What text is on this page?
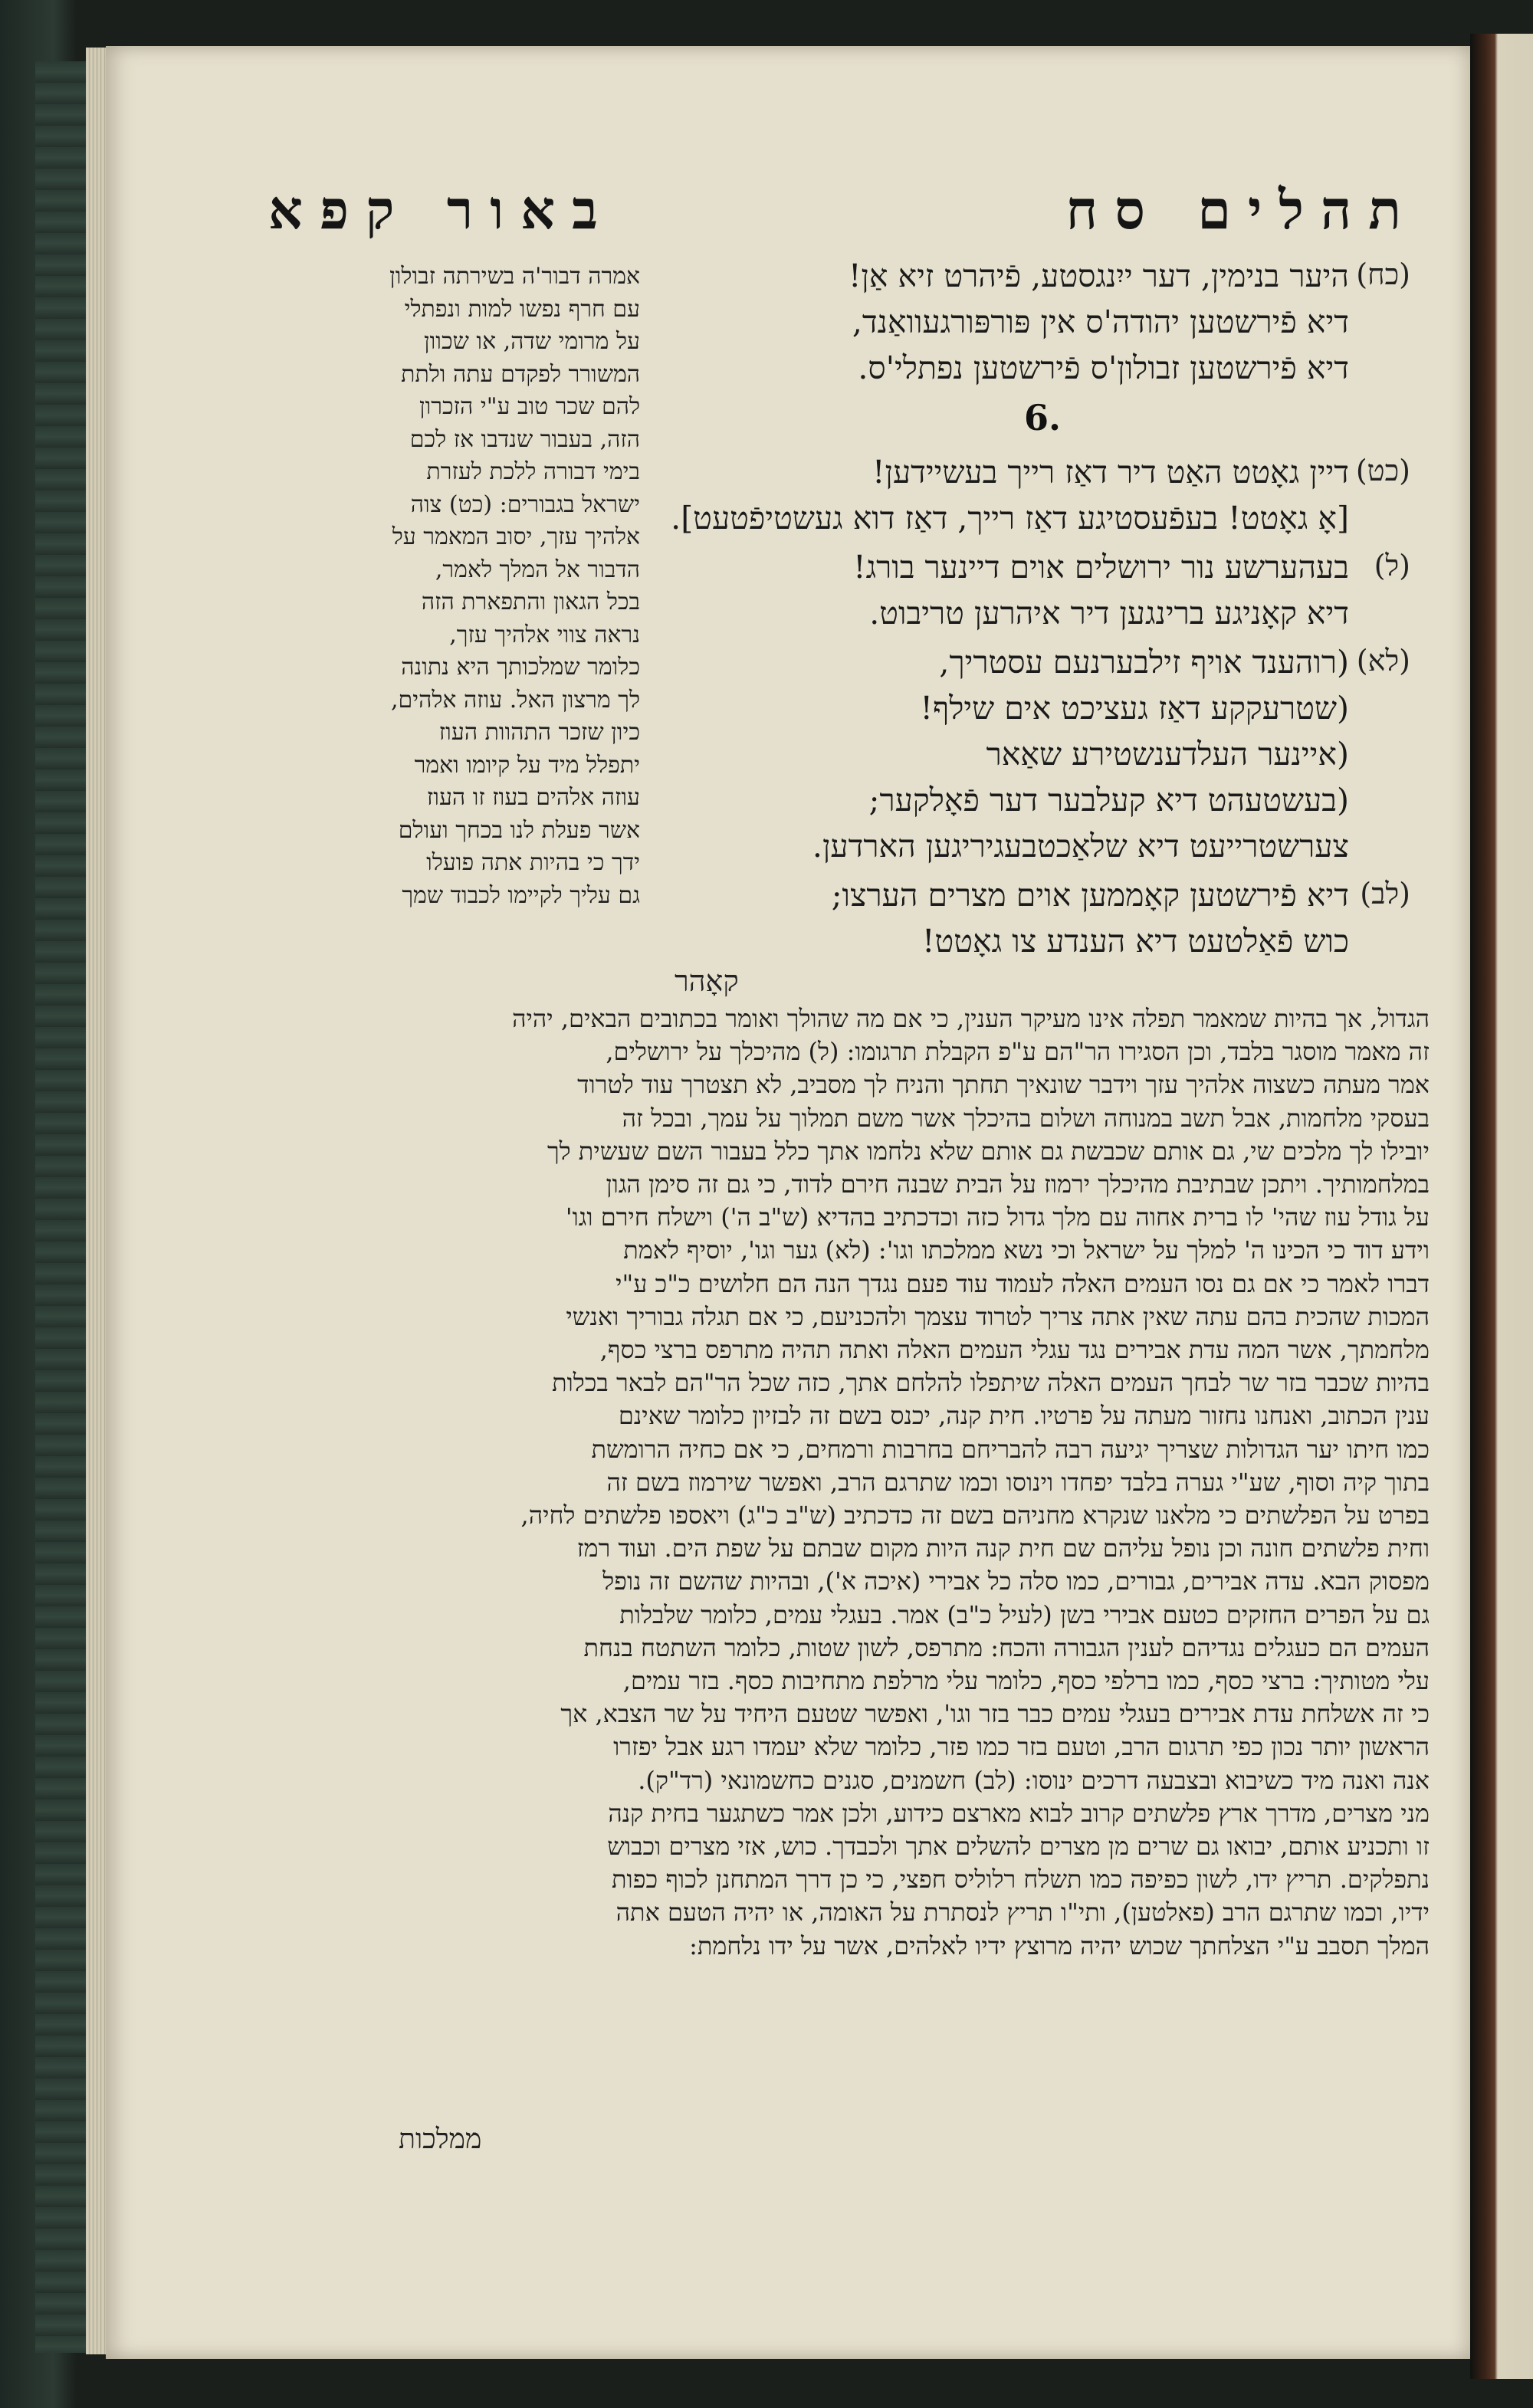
תהלים סח
באור קפא
(כח)
היער בנימין, דער ייִנגסטע, פֿיהרט זיא אַן!
דיא פֿירשטען יהודה'ס אין פּורפּורגעוואַנד,
דיא פֿירשטען זבולון'ס פֿירשטען נפתלי'ס.
6.
(כט)
דיין גאָטט האַט דיר דאַז רייך בעשיידען!
[אָ גאָטט! בעפֿעסטיגע דאַז רייך, דאַז דוא געשטיפֿטעט].
(ל)
בעהערשע נור ירושלים אוים דיינער בורג!
דיא קאָניגע ברינגען דיר איהרען טריבוט.
(לא)
(רוהענד אויף זילבערנעם עסטריך,
(שטרעקקע דאַז געציכט אים שילף!
(איינער העלדענשטירע שאַאר
(בעשטעהט דיא קעלבער דער פֿאָלקער;
צערשטרייעט דיא שלאַכטבעגיריגען הארדען.
(לב)
דיא פֿירשטען קאָממען אוים מצרים הערצו;
כוש פֿאַלטעט דיא הענדע צו גאָטט!
אמרה דבור'ה בשירתה זבולון
עם חרף נפשו למות ונפתלי
על מרומי שדה, או שכוון
המשורר לפקדם עתה ולתת
להם שכר טוב ע"י הזכרון
הזה, בעבור שנדבו אז לכם
בימי דבורה ללכת לעזרת
ישראל בגבורים: (כט) צוה
אלהיך עזך, יסוב המאמר על
הדבור אל המלך לאמר,
בכל הגאון והתפארת הזה
נראה צווי אלהיך עזך,
כלומר שמלכותך היא נתונה
לך מרצון האל. עוזה אלהים,
כיון שזכר התהוות העוז
יתפלל מיד על קיומו ואמר
עוזה אלהים בעוז זו העוז
אשר פעלת לנו בכחך ועולם
ידך כי בהיות אתה פועלו
גם עליך לקיימו לכבוד שמך
קאָהר
הגדול, אך בהיות שמאמר תפלה אינו מעיקר הענין, כי אם מה שהולך ואומר בכתובים הבאים, יהיה
זה מאמר מוסגר בלבד, וכן הסגירו הר"הם ע"פ הקבלת תרגומו: (ל) מהיכלך על ירושלים,
אמר מעתה כשצוה אלהיך עזך וידבר שונאיך תחתך והניח לך מסביב, לא תצטרך עוד לטרוד
בעסקי מלחמות, אבל תשב במנוחה ושלום בהיכלך אשר משם תמלוך על עמך, ובכל זה
יובילו לך מלכים שי, גם אותם שכבשת גם אותם שלא נלחמו אתך כלל בעבור השם שעשית לך
במלחמותיך. ויתכן שבתיבת מהיכלך ירמוז על הבית שבנה חירם לדוד, כי גם זה סימן הגון
על גודל עוז שהי' לו ברית אחוה עם מלך גדול כזה וכדכתיב בהדיא (ש"ב ה') וישלח חירם וגו'
וידע דוד כי הכינו ה' למלך על ישראל וכי נשא ממלכתו וגו': (לא) גער וגו', יוסיף לאמת
דברו לאמר כי אם גם נסו העמים האלה לעמוד עוד פעם נגדך הנה הם חלושים כ"כ ע"י
המכות שהכית בהם עתה שאין אתה צריך לטרוד עצמך ולהכניעם, כי אם תגלה גבוריך ואנשי
מלחמתך, אשר המה עדת אבירים נגד עגלי העמים האלה ואתה תהיה מתרפס ברצי כסף,
בהיות שכבר בזר שר לבחך העמים האלה שיתפלו להלחם אתך, כזה שכל הר"הם לבאר בכלות
ענין הכתוב, ואנחנו נחזור מעתה על פרטיו. חית קנה, יכנס בשם זה לבזיון כלומר שאינם
כמו חיתו יער הגדולות שצריך יגיעה רבה להבריחם בחרבות ורמחים, כי אם כחיה הרומשת
בתוך קיה וסוף, שע"י גערה בלבד יפחדו וינוסו וכמו שתרגם הרב, ואפשר שירמוז בשם זה
בפרט על הפלשתים כי מלאנו שנקרא מחניהם בשם זה כדכתיב (ש"ב כ"ג) ויאספו פלשתים לחיה,
וחית פלשתים חונה וכן נופל עליהם שם חית קנה היות מקום שבתם על שפת הים. ועוד רמז
מפסוק הבא. עדה אבירים, גבורים, כמו סלה כל אבירי (איכה א'), ובהיות שהשם זה נופל
גם על הפרים החזקים כטעם אבירי בשן (לעיל כ"ב) אמר. בעגלי עמים, כלומר שלבלות
העמים הם כעגלים נגדיהם לענין הגבורה והכח: מתרפס, לשון שטות, כלומר השתטח בנחת
עלי מטותיך: ברצי כסף, כמו ברלפי כסף, כלומר עלי מרלפת מתחיבות כסף. בזר עמים,
כי זה אשלחת עדת אבירים בעגלי עמים כבר בזר וגו', ואפשר שטעם היחיד על שר הצבא, אך
הראשון יותר נכון כפי תרגום הרב, וטעם בזר כמו פזר, כלומר שלא יעמדו רגע אבל יפזרו
אנה ואנה מיד כשיבוא ובצבעה דרכים ינוסו: (לב) חשמנים, סגנים כחשמונאי (רד"ק).
מני מצרים, מדרך ארץ פלשתים קרוב לבוא מארצם כידוע, ולכן אמר כשתגער בחית קנה
זו ותכניע אותם, יבואו גם שרים מן מצרים להשלים אתך ולכבדך. כוש, אזי מצרים וכבוש
נתפלקים. תריץ ידו, לשון כפיפה כמו תשלח רלוליס חפצי, כי כן דרך המתחנן לכוף כפות
ידיו, וכמו שתרגם הרב (פאלטען), ותי"ו תריץ לנסתרת על האומה, או יהיה הטעם אתה
המלך תסבב ע"י הצלחתך שכוש יהיה מרוצץ ידיו לאלהים, אשר על ידו נלחמת:
ממלכות
